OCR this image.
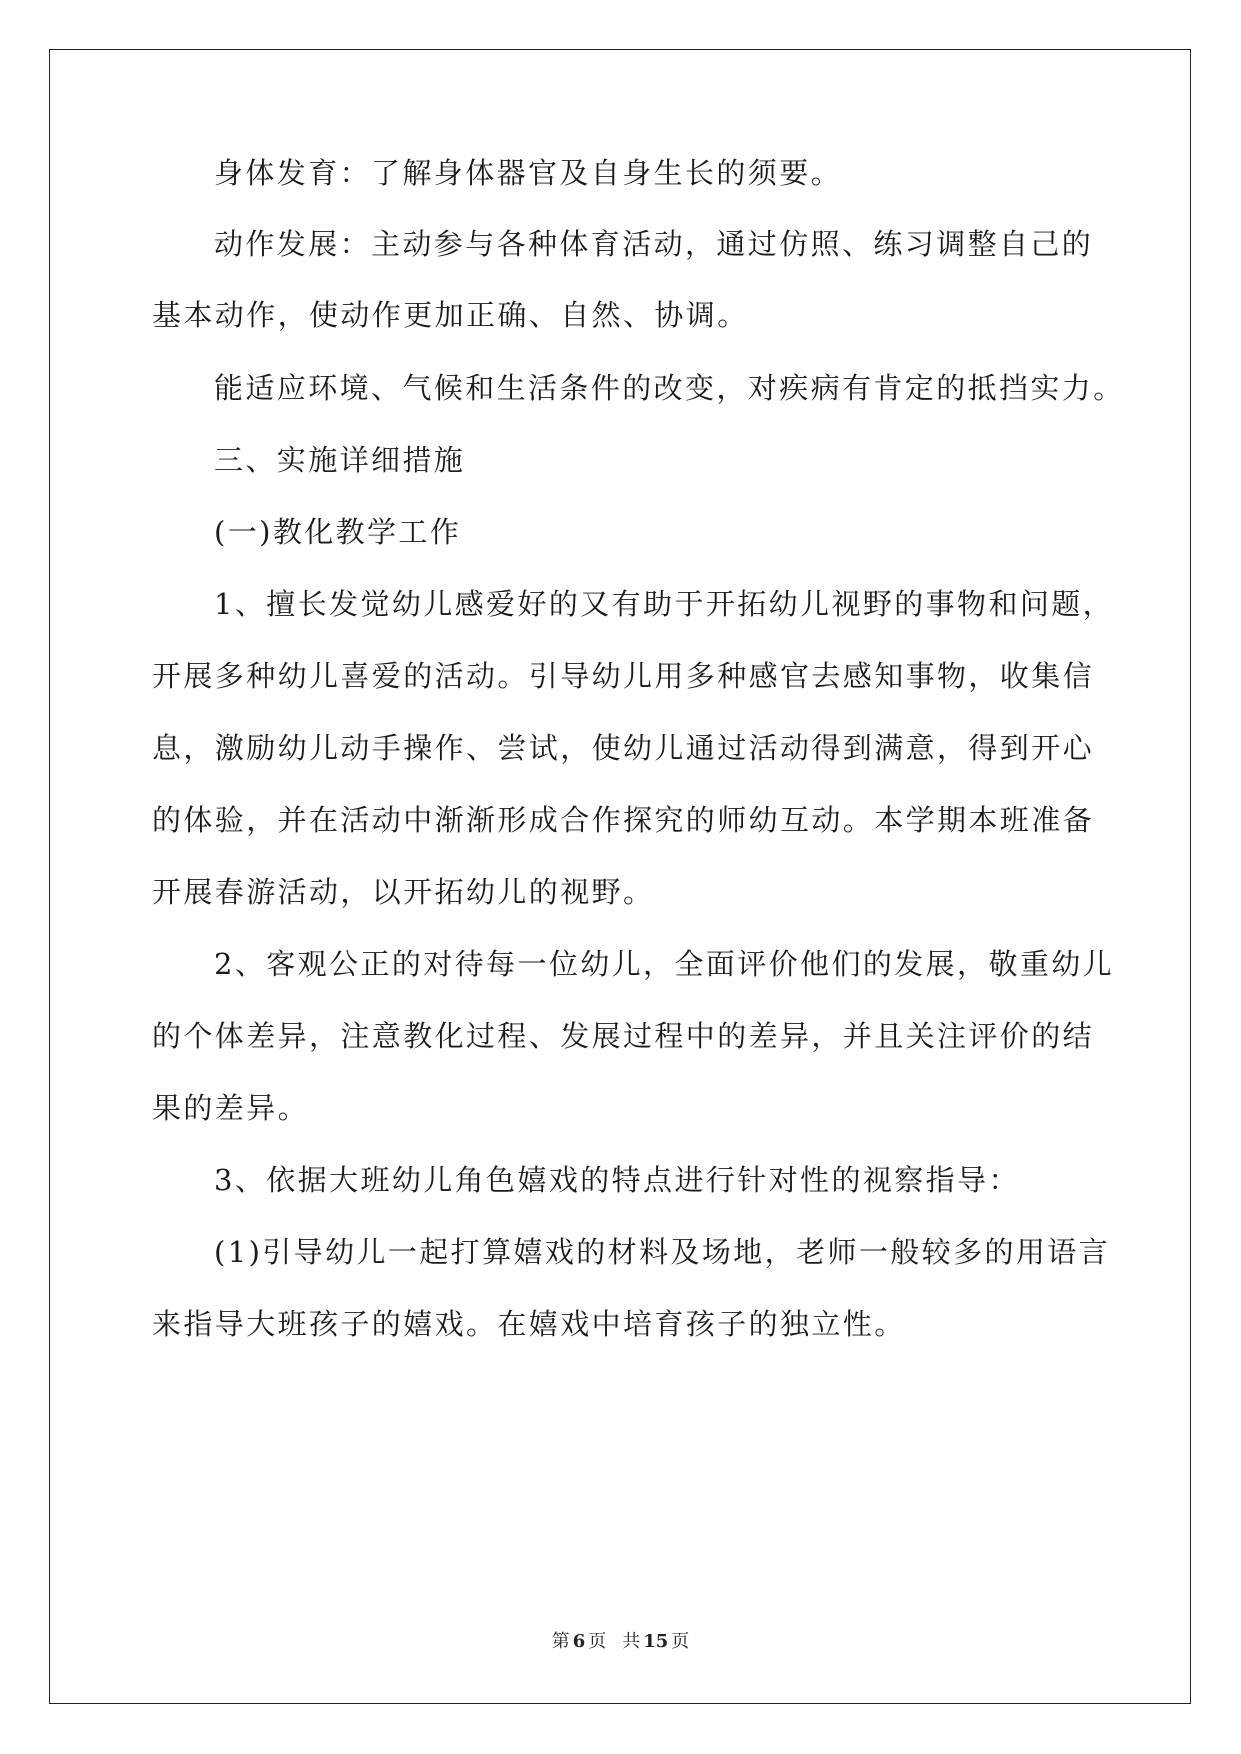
身体发育：了解身体器官及自身生长的须要。
动作发展：主动参与各种体育活动，通过仿照、练习调整自己的
基本动作，使动作更加正确、自然、协调。
能适应环境、气候和生活条件的改变，对疾病有肯定的抵挡实力。
三、实施详细措施
(一)教化教学工作
1、擅长发觉幼儿感爱好的又有助于开拓幼儿视野的事物和问题，
开展多种幼儿喜爱的活动。引导幼儿用多种感官去感知事物，收集信
息，激励幼儿动手操作、尝试，使幼儿通过活动得到满意，得到开心
的体验，并在活动中渐渐形成合作探究的师幼互动。本学期本班准备
开展春游活动，以开拓幼儿的视野。
2、客观公正的对待每一位幼儿，全面评价他们的发展，敬重幼儿
的个体差异，注意教化过程、发展过程中的差异，并且关注评价的结
果的差异。
3、依据大班幼儿角色嬉戏的特点进行针对性的视察指导：
(1)引导幼儿一起打算嬉戏的材料及场地，老师一般较多的用语言
来指导大班孩子的嬉戏。在嬉戏中培育孩子的独立性。
第 6 页 共 15 页
